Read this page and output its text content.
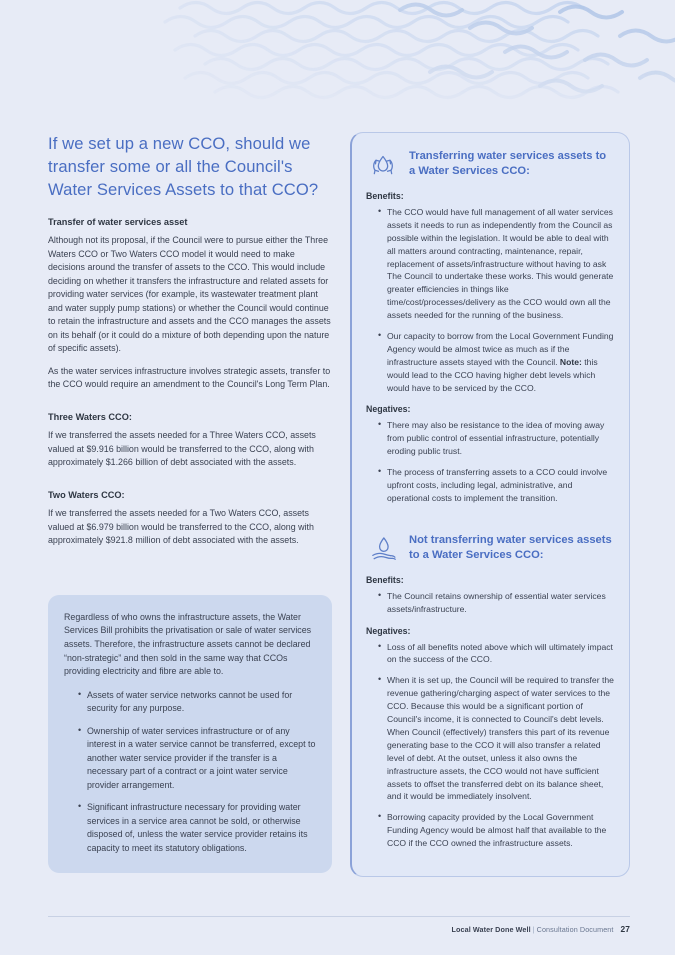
If we set up a new CCO, should we transfer some or all the Council's Water Services Assets to that CCO?
Transfer of water services asset

Although not its proposal, if the Council were to pursue either the Three Waters CCO or Two Waters CCO model it would need to make decisions around the transfer of assets to the CCO. This would include deciding on whether it transfers the infrastructure and related assets for providing water services (for example, its wastewater treatment plant and water supply pump stations) or whether the Council would continue to retain the infrastructure and assets and the CCO manages the assets on its behalf (or it could do a mixture of both depending upon the nature of specific assets).

As the water services infrastructure involves strategic assets, transfer to the CCO would require an amendment to the Council's Long Term Plan.

Three Waters CCO:

If we transferred the assets needed for a Three Waters CCO, assets valued at $9.916 billion would be transferred to the CCO, along with approximately $1.266 billion of debt associated with the assets.

Two Waters CCO:

If we transferred the assets needed for a Two Waters CCO, assets valued at $6.979 billion would be transferred to the CCO, along with approximately $921.8 million of debt associated with the assets.

Regardless of who owns the infrastructure assets, the Water Services Bill prohibits the privatisation or sale of water services assets. Therefore, the infrastructure assets cannot be declared “non-strategic” and then sold in the same way that CCOs providing electricity and fibre are able to.

• Assets of water service networks cannot be used for security for any purpose.
• Ownership of water services infrastructure or of any interest in a water service cannot be transferred, except to another water service provider if the transfer is a necessary part of a contract or a joint water service provider arrangement.
• Significant infrastructure necessary for providing water services in a service area cannot be sold, or otherwise disposed of, unless the water service provider retains its capacity to meet its statutory obligations.
Transferring water services assets to a Water Services CCO:
Benefits:
• The CCO would have full management of all water services assets it needs to run as independently from the Council as possible within the legislation. It would be able to deal with all matters around contracting, maintenance, repair, replacement of assets/infrastructure without having to ask The Council to undertake these works. This would generate greater efficiencies in things like time/cost/processes/delivery as the CCO would own all the assets needed for the running of the business.
• Our capacity to borrow from the Local Government Funding Agency would be almost twice as much as if the infrastructure assets stayed with the Council. Note: this would lead to the CCO having higher debt levels which would have to be serviced by the CCO.
Negatives:
• There may also be resistance to the idea of moving away from public control of essential infrastructure, potentially eroding public trust.
• The process of transferring assets to a CCO could involve upfront costs, including legal, administrative, and operational costs to implement the transition.
Not transferring water services assets to a Water Services CCO:
Benefits:
• The Council retains ownership of essential water services assets/infrastructure.
Negatives:
• Loss of all benefits noted above which will ultimately impact on the success of the CCO.
• When it is set up, the Council will be required to transfer the revenue gathering/charging aspect of water services to the CCO. Because this would be a significant portion of Council's income, it is connected to Council's debt levels. When Council (effectively) transfers this part of its revenue generating base to the CCO it will also transfer a related level of debt. At the outset, unless it also owns the infrastructure assets, the CCO would not have sufficient assets to offset the transferred debt on its balance sheet, and it would be immediately insolvent.
• Borrowing capacity provided by the Local Government Funding Agency would be almost half that available to the CCO if the CCO owned the infrastructure assets.
Local Water Done Well | Consultation Document 27
